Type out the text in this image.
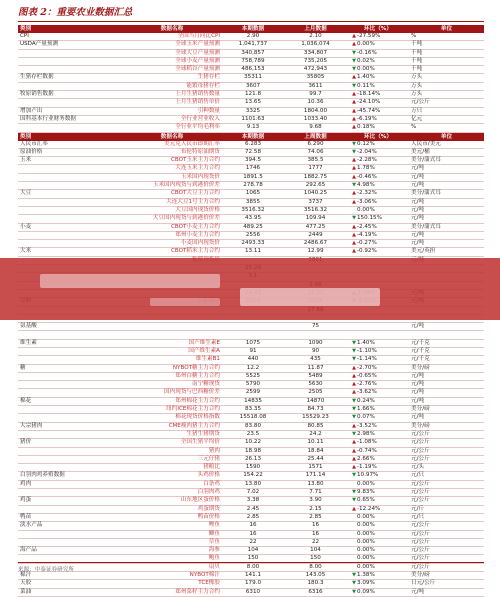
图表 2：重要农业数据汇总
类别	数据名称	本期数据	上月数据	环比（%）	单位
CPI	全国当月同比CPI	2.90	2.10	▲-27.59%	%
USDA产量预测	全球玉米产量预测	1,041,737	1,036,074	▲0.00%	千吨
	全球大豆产量预测	340,857	334,807	▼-0.16%	千吨
	全球小麦产量预测	758,789	735,205	▼0.02%	千吨
	全球稻谷产量预测	486,153	472,943	▼0.00%	千吨
生猪存栏数据	生猪存栏	35311	35805	▲1.40%	万头
	能繁母猪存栏	3607	3611	▼0.11%	万头
牧原销售数据	上月生猪销售数量	121.8	99.7	▲-18.14%	万头
	上月生猪销售单价	13.65	10.36	▲-24.10%	元/公斤
增加产出	引种数量	3325	1804.00	▲-45.74%	万只
国科基本行业财务数据	全行业营业收入	1101.63	1033.40	▲-6.19%	亿元
	全行业平均毛利率	9.13	9.68	▲0.18%	%
类别	数据名称	本期数据	上周数据	环比（%）	单位
人民币汇率	美元兑人民币即期汇率	6.283	6.290	▼0.12%	人民币/美元
原油价格	布伦特原油期货	72.58	74.06	▼-2.04%	美元/桶
玉米	CBOT玉米主力合约	394.5	385.5	▲-2.28%	美分/蒲式耳
	大连玉米主力合约	1746	1777	▲1.78%	元/吨
	玉米国内现货价	1891.5	1882.75	▲-0.46%	元/吨
	玉米国内现货与到港价价差	278.78	292.65	▼4.98%	元/吨
大豆	CBOT大豆主力合约	1065	1040.25	▲-2.32%	美分/蒲式耳
	大连大豆1号主力合约	3855	3737	▲-3.06%	元/吨
	大豆国内现货价格	3516.32	3516.32	0.00%	元/吨
	大豆国内现货与到港价价差	43.95	109.94	▼150.15%	元/吨
小麦	CBOT小麦主力合约	489.25	477.25	▲-2.45%	美分/蒲式耳
	郑州小麦主力合约	2556	2449	▲-4.19%	元/吨
	小麦国内现货价	2493.33	2486.67	▲-0.27%	元/吨
大米	CBOT稻米主力合约	13.11	12.99	▲-0.92%	美元/英担

氨基酸			75		元/吨

维生素	国产维生素E	1075	1090	▼1.40%	元/千克
	国产维生素A	91	90	▼-1.10%	元/千克
	维生素B1	440	435	▼-1.14%	元/千克
糖	NYBOT糖主力合约	12.2	11.87	▲-2.70%	美分/磅
	郑州白糖主力合约	5525	5489	▲-0.65%	元/吨
	南宁糖现货	5790	5630	▲-2.76%	元/吨
	国内现货与巴西糖价差	2599	2505	▲-3.62%	元/吨
棉花	郑州棉花主力合约	14835	14870	▼0.24%	元/吨
	纽约ICE棉花主力合约	83.35	84.73	▼1.66%	美分/磅
	棉花现货价格指数	15518.08	15529.23	▼0.07%	元/吨
大宗猪肉	CME瘦肉猪主力合约	83.80	80.85	▲-3.52%	美分/磅
	生猪生猪期货	23.5	24.2	▼2.98%	元/公斤
猪价	全国生猪平均价	10.22	10.11	▲-1.08%	元/公斤
	猪肉	18.98	18.84	▲-0.74%	元/公斤
	三元仔猪	26.13	25.44	▲2.66%	元/公斤
	猪粮比	1590	1571	▲-1.19%	元/头
白羽肉鸡养殖数据	头鸡价格	154.22	171.14	▼10.97%	元/只
鸡肉	白条鸡	13.80	13.80	0.00%	元/公斤
	白羽肉鸡	7.02	7.71	▼9.83%	元/公斤
鸡蛋	山东地区蛋价格	3.38	3.90	▼0.65%	元/公斤
	鸡蛋期货	2.45	2.15	▲-12.24%	元/斤
鸭苗	鸭苗价格	2.85	2.85	0.00%	元/只
淡水产品	鲤鱼	16	16	0.00%	元/公斤
	鲫鱼	16	16	0.00%	元/公斤
	草鱼	22	22	0.00%	元/公斤
海产品	海参	104	104	0.00%	元/公斤
	鲍鱼	150	150	0.00%	元/公斤
	扇贝	8.00	8.00	0.00%	元/公斤
棉汁	NYBOT棉汁	141.1	143.05	▼1.38%	美分/磅
天胶	TCE橡胶	179.0	180.3	▼3.09%	日元/公斤
菜油	郑州菜籽主力合约	6310	6316	▼0.09%	元/吨
来源：中泰证券研究所
